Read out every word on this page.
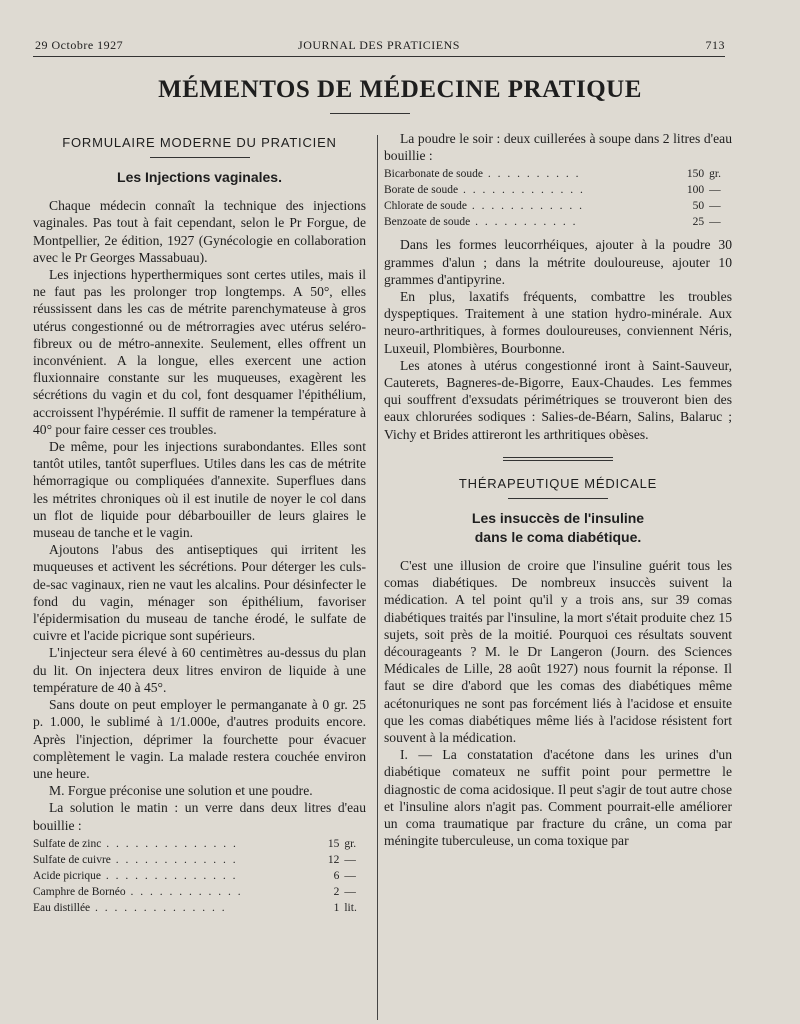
29 Octobre 1927	JOURNAL DES PRATICIENS	713
MÉMENTOS DE MÉDECINE PRATIQUE
FORMULAIRE MODERNE DU PRATICIEN
Les Injections vaginales.

Chaque médecin connaît la technique des injections vaginales. Pas tout à fait cependant, selon le Pr Forgue, de Montpellier, 2e édition, 1927 (Gynécologie en collaboration avec le Pr Georges Massabuau).

Les injections hyperthermiques sont certes utiles, mais il ne faut pas les prolonger trop longtemps. A 50°, elles réussissent dans les cas de métrite parenchymateuse à gros utérus congestionné ou de métrorragies avec utérus seléro-fibreux ou de métro-annexite. Seulement, elles offrent un inconvénient. A la longue, elles exercent une action fluxionnaire constante sur les muqueuses, exagèrent les sécrétions du vagin et du col, font desquamer l'épithélium, accroissent l'hypérémie. Il suffit de ramener la température à 40° pour faire cesser ces troubles.

De même, pour les injections surabondantes. Elles sont tantôt utiles, tantôt superflues. Utiles dans les cas de métrite hémorragique ou compliquées d'annexite. Superflues dans les métrites chroniques où il est inutile de noyer le col dans un flot de liquide pour débarbouiller de leurs glaires le museau de tanche et le vagin.

Ajoutons l'abus des antiseptiques qui irritent les muqueuses et activent les sécrétions. Pour déterger les culs-de-sac vaginaux, rien ne vaut les alcalins. Pour désinfecter le fond du vagin, ménager son épithélium, favoriser l'épidermisation du museau de tanche érodé, le sulfate de cuivre et l'acide picrique sont supérieurs.

L'injecteur sera élevé à 60 centimètres au-dessus du plan du lit. On injectera deux litres environ de liquide à une température de 40 à 45°.

Sans doute on peut employer le permanganate à 0 gr. 25 p. 1.000, le sublimé à 1/1.000e, d'autres produits encore. Après l'injection, déprimer la fourchette pour évacuer complètement le vagin. La malade restera couchée environ une heure.

M. Forgue préconise une solution et une poudre.

La solution le matin : un verre dans deux litres d'eau bouillie :

Sulfate de zinc . . . . . . . . . . . . . .	15	gr.
Sulfate de cuivre . . . . . . . . . . . . .	12	—
Acide picrique . . . . . . . . . . . . . .	6	—
Camphre de Bornéo . . . . . . . . . . . .	2	—
Eau distillée . . . . . . . . . . . . . .	1	lit.

La poudre le soir : deux cuillerées à soupe dans 2 litres d'eau bouillie :

Bicarbonate de soude . . . . . . . . . .	150	gr.
Borate de soude . . . . . . . . . . . . .	100	—
Chlorate de soude . . . . . . . . . . . .	50	—
Benzoate de soude . . . . . . . . . . .	25	—

Dans les formes leucorrhéiques, ajouter à la poudre 30 grammes d'alun ; dans la métrite douloureuse, ajouter 10 grammes d'antipyrine.

En plus, laxatifs fréquents, combattre les troubles dyspeptiques. Traitement à une station hydro-minérale. Aux neuro-arthritiques, à formes douloureuses, conviennent Néris, Luxeuil, Plombières, Bourbonne.

Les atones à utérus congestionné iront à Saint-Sauveur, Cauterets, Bagneres-de-Bigorre, Eaux-Chaudes. Les femmes qui souffrent d'exsudats périmétriques se trouveront bien des eaux chlorurées sodiques : Salies-de-Béarn, Salins, Balaruc ; Vichy et Brides attireront les arthritiques obèses.

THÉRAPEUTIQUE MÉDICALE
Les insuccès de l'insuline
dans le coma diabétique.

C'est une illusion de croire que l'insuline guérit tous les comas diabétiques. De nombreux insuccès suivent la médication. A tel point qu'il y a trois ans, sur 39 comas diabétiques traités par l'insuline, la mort s'était produite chez 15 sujets, soit près de la moitié. Pourquoi ces résultats souvent décourageants ? M. le Dr Langeron (Journ. des Sciences Médicales de Lille, 28 août 1927) nous fournit la réponse. Il faut se dire d'abord que les comas des diabétiques même acétonuriques ne sont pas forcément liés à l'acidose et ensuite que les comas diabétiques même liés à l'acidose résistent fort souvent à la médication.

I. — La constatation d'acétone dans les urines d'un diabétique comateux ne suffit point pour permettre le diagnostic de coma acidosique. Il peut s'agir de tout autre chose et l'insuline alors n'agit pas. Comment pourrait-elle améliorer un coma traumatique par fracture du crâne, un coma par méningite tuberculeuse, un coma toxique par
